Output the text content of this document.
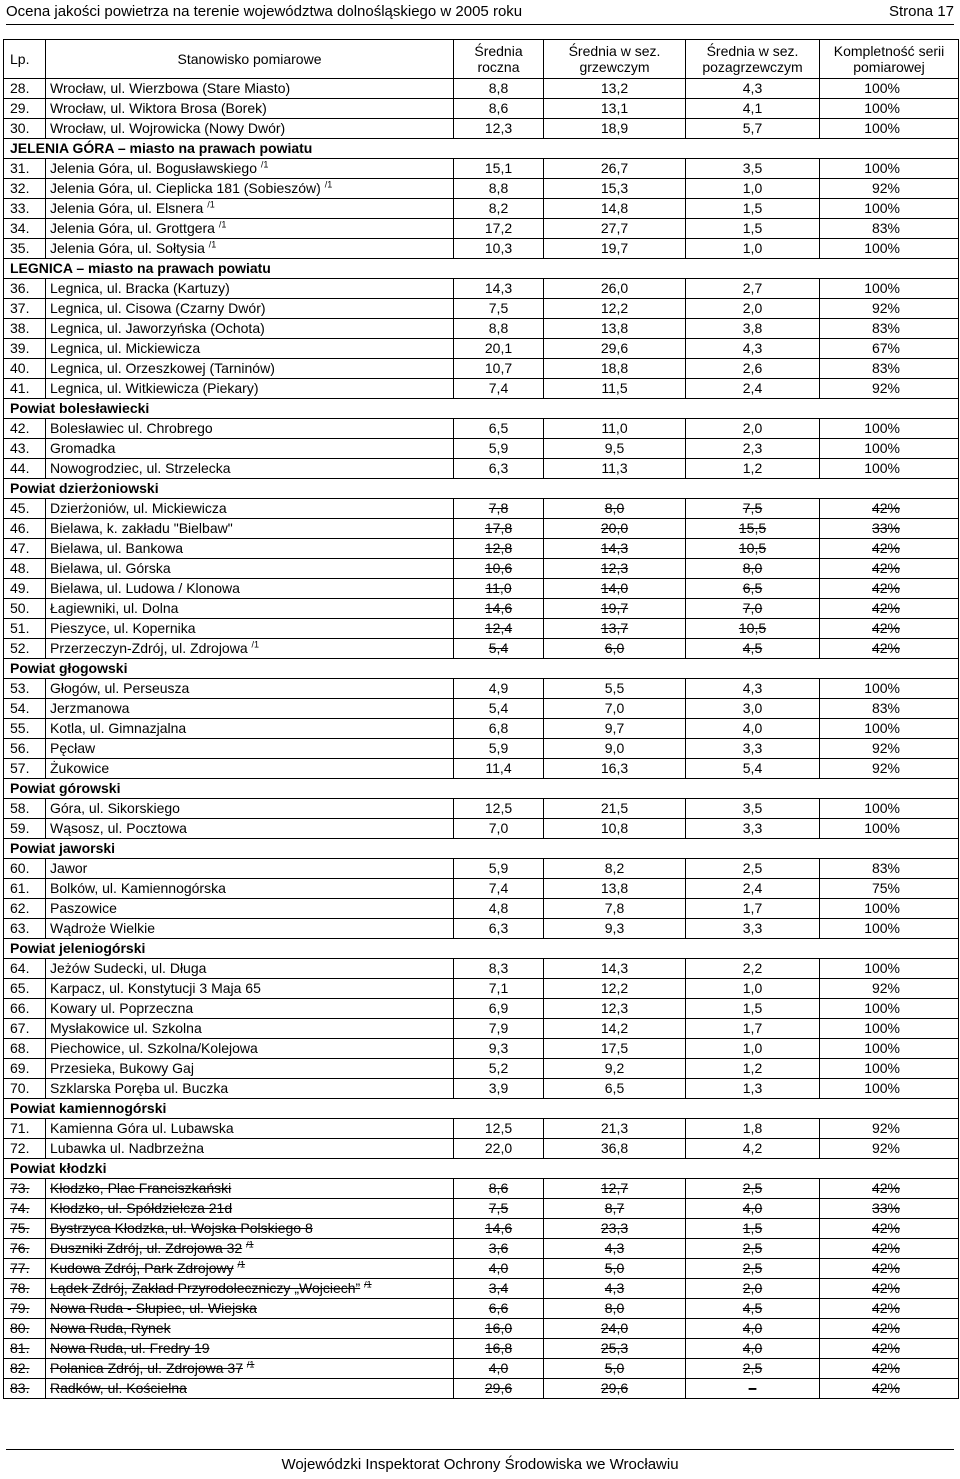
Ocena jakości powietrza na terenie województwa dolnośląskiego w 2005 roku	Strona 17
Lp.	Stanowisko pomiarowe	Średnia roczna	Średnia w sez. grzewczym	Średnia w sez. pozagrzewczym	Kompletność serii pomiarowej
28.	Wrocław, ul. Wierzbowa (Stare Miasto)	8,8	13,2	4,3	100%
29.	Wrocław, ul. Wiktora Brosa (Borek)	8,6	13,1	4,1	100%
30.	Wrocław, ul. Wojrowicka (Nowy Dwór)	12,3	18,9	5,7	100%
JELENIA GÓRA – miasto na prawach powiatu					
31.	Jelenia Góra, ul. Bogusławskiego $^{/1}$	15,1	26,7	3,5	100%
32.	Jelenia Góra, ul. Cieplicka 181 (Sobieszów) $^{/1}$	8,8	15,3	1,0	92%
33.	Jelenia Góra, ul. Elsnera $^{/1}$	8,2	14,8	1,5	100%
34.	Jelenia Góra, ul. Grottgera $^{/1}$	17,2	27,7	1,5	83%
35.	Jelenia Góra, ul. Sołtysia $^{/1}$	10,3	19,7	1,0	100%
LEGNICA – miasto na prawach powiatu					
36.	Legnica, ul. Bracka (Kartuzy)	14,3	26,0	2,7	100%
37.	Legnica, ul. Cisowa (Czarny Dwór)	7,5	12,2	2,0	92%
38.	Legnica, ul. Jaworzyńska (Ochota)	8,8	13,8	3,8	83%
39.	Legnica, ul. Mickiewicza	20,1	29,6	4,3	67%
40.	Legnica, ul. Orzeszkowej (Tarninów)	10,7	18,8	2,6	83%
41.	Legnica, ul. Witkiewicza (Piekary)	7,4	11,5	2,4	92%
Powiat bolesławiecki					
42.	Bolesławiec ul. Chrobrego	6,5	11,0	2,0	100%
43.	Gromadka	5,9	9,5	2,3	100%
44.	Nowogrodziec, ul. Strzelecka	6,3	11,3	1,2	100%
Powiat dzierżoniowski					
45.	Dzierżoniów, ul. Mickiewicza	7,8	8,0	7,5	42%
46.	Bielawa, k. zakładu "Bielbaw"	17,8	20,0	15,5	33%
47.	Bielawa, ul. Bankowa	12,8	14,3	10,5	42%
48.	Bielawa, ul. Górska	10,6	12,3	8,0	42%
49.	Bielawa, ul. Ludowa / Klonowa	11,0	14,0	6,5	42%
50.	Łagiewniki, ul. Dolna	14,6	19,7	7,0	42%
51.	Pieszyce, ul. Kopernika	12,4	13,7	10,5	42%
52.	Przerzeczyn-Zdrój, ul. Zdrojowa $^{/1}$	5,4	6,0	4,5	42%
Powiat głogowski					
53.	Głogów, ul. Perseusza	4,9	5,5	4,3	100%
54.	Jerzmanowa	5,4	7,0	3,0	83%
55.	Kotla, ul. Gimnazjalna	6,8	9,7	4,0	100%
56.	Pęcław	5,9	9,0	3,3	92%
57.	Żukowice	11,4	16,3	5,4	92%
Powiat górowski					
58.	Góra, ul. Sikorskiego	12,5	21,5	3,5	100%
59.	Wąsosz, ul. Pocztowa	7,0	10,8	3,3	100%
Powiat jaworski					
60.	Jawor	5,9	8,2	2,5	83%
61.	Bolków, ul. Kamiennogórska	7,4	13,8	2,4	75%
62.	Paszowice	4,8	7,8	1,7	100%
63.	Wądroże Wielkie	6,3	9,3	3,3	100%
Powiat jeleniogórski					
64.	Jeżów Sudecki, ul. Długa	8,3	14,3	2,2	100%
65.	Karpacz, ul. Konstytucji 3 Maja 65	7,1	12,2	1,0	92%
66.	Kowary ul. Poprzeczna	6,9	12,3	1,5	100%
67.	Mysłakowice ul. Szkolna	7,9	14,2	1,7	100%
68.	Piechowice, ul. Szkolna/Kolejowa	9,3	17,5	1,0	100%
69.	Przesieka, Bukowy Gaj	5,2	9,2	1,2	100%
70.	Szklarska Poręba ul. Buczka	3,9	6,5	1,3	100%
Powiat kamiennogórski					
71.	Kamienna Góra ul. Lubawska	12,5	21,3	1,8	92%
72.	Lubawka ul. Nadbrzeżna	22,0	36,8	4,2	92%
Powiat kłodzki					
73.	Kłodzko, Plac Franciszkański	8,6	12,7	2,5	42%
74.	Kłodzko, ul. Spółdzielcza 21d	7,5	8,7	4,0	33%
75.	Bystrzyca Kłodzka, ul. Wojska Polskiego 8	14,6	23,3	1,5	42%
76.	Duszniki Zdrój, ul. Zdrojowa 32 $^{/1}$	3,6	4,3	2,5	42%
77.	Kudowa Zdrój, Park Zdrojowy $^{/1}$	4,0	5,0	2,5	42%
78.	Lądek Zdrój, Zakład Przyrodoleczniczy „Wojciech” $^{/1}$	3,4	4,3	2,0	42%
79.	Nowa Ruda - Słupiec, ul. Wiejska	6,6	8,0	4,5	42%
80.	Nowa Ruda, Rynek	16,0	24,0	4,0	42%
81.	Nowa Ruda, ul. Fredry 19	16,8	25,3	4,0	42%
82.	Polanica Zdrój, ul. Zdrojowa 37 $^{/1}$	4,0	5,0	2,5	42%
83.	Radków, ul. Kościelna	29,6	29,6	–	42%
Wojewódzki Inspektorat Ochrony Środowiska we Wrocławiu
